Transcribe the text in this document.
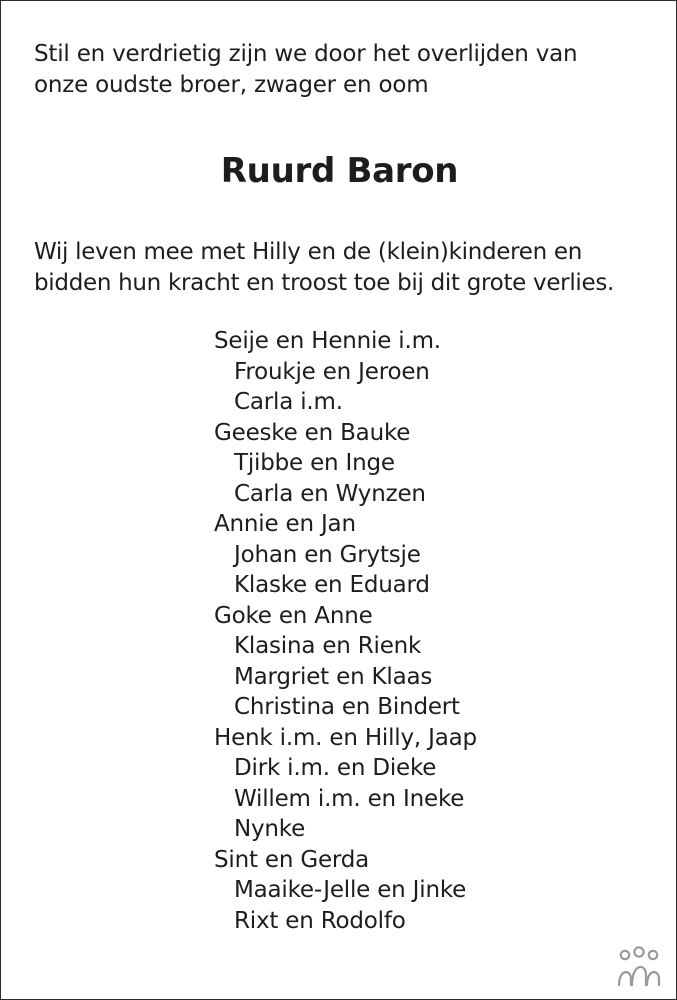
Stil en verdrietig zijn we door het overlijden van
onze oudste broer, zwager en oom

Ruurd Baron

Wij leven mee met Hilly en de (klein)kinderen en
bidden hun kracht en troost toe bij dit grote verlies.

Seije en Hennie i.m.
Froukje en Jeroen
Carla i.m.
Geeske en Bauke
Tjibbe en Inge
Carla en Wynzen
Annie en Jan
Johan en Grytsje
Klaske en Eduard
Goke en Anne
Klasina en Rienk
Margriet en Klaas
Christina en Bindert
Henk i.m. en Hilly, Jaap
Dirk i.m. en Dieke
Willem i.m. en Ineke
Nynke
Sint en Gerda
Maaike-Jelle en Jinke
Rixt en Rodolfo
